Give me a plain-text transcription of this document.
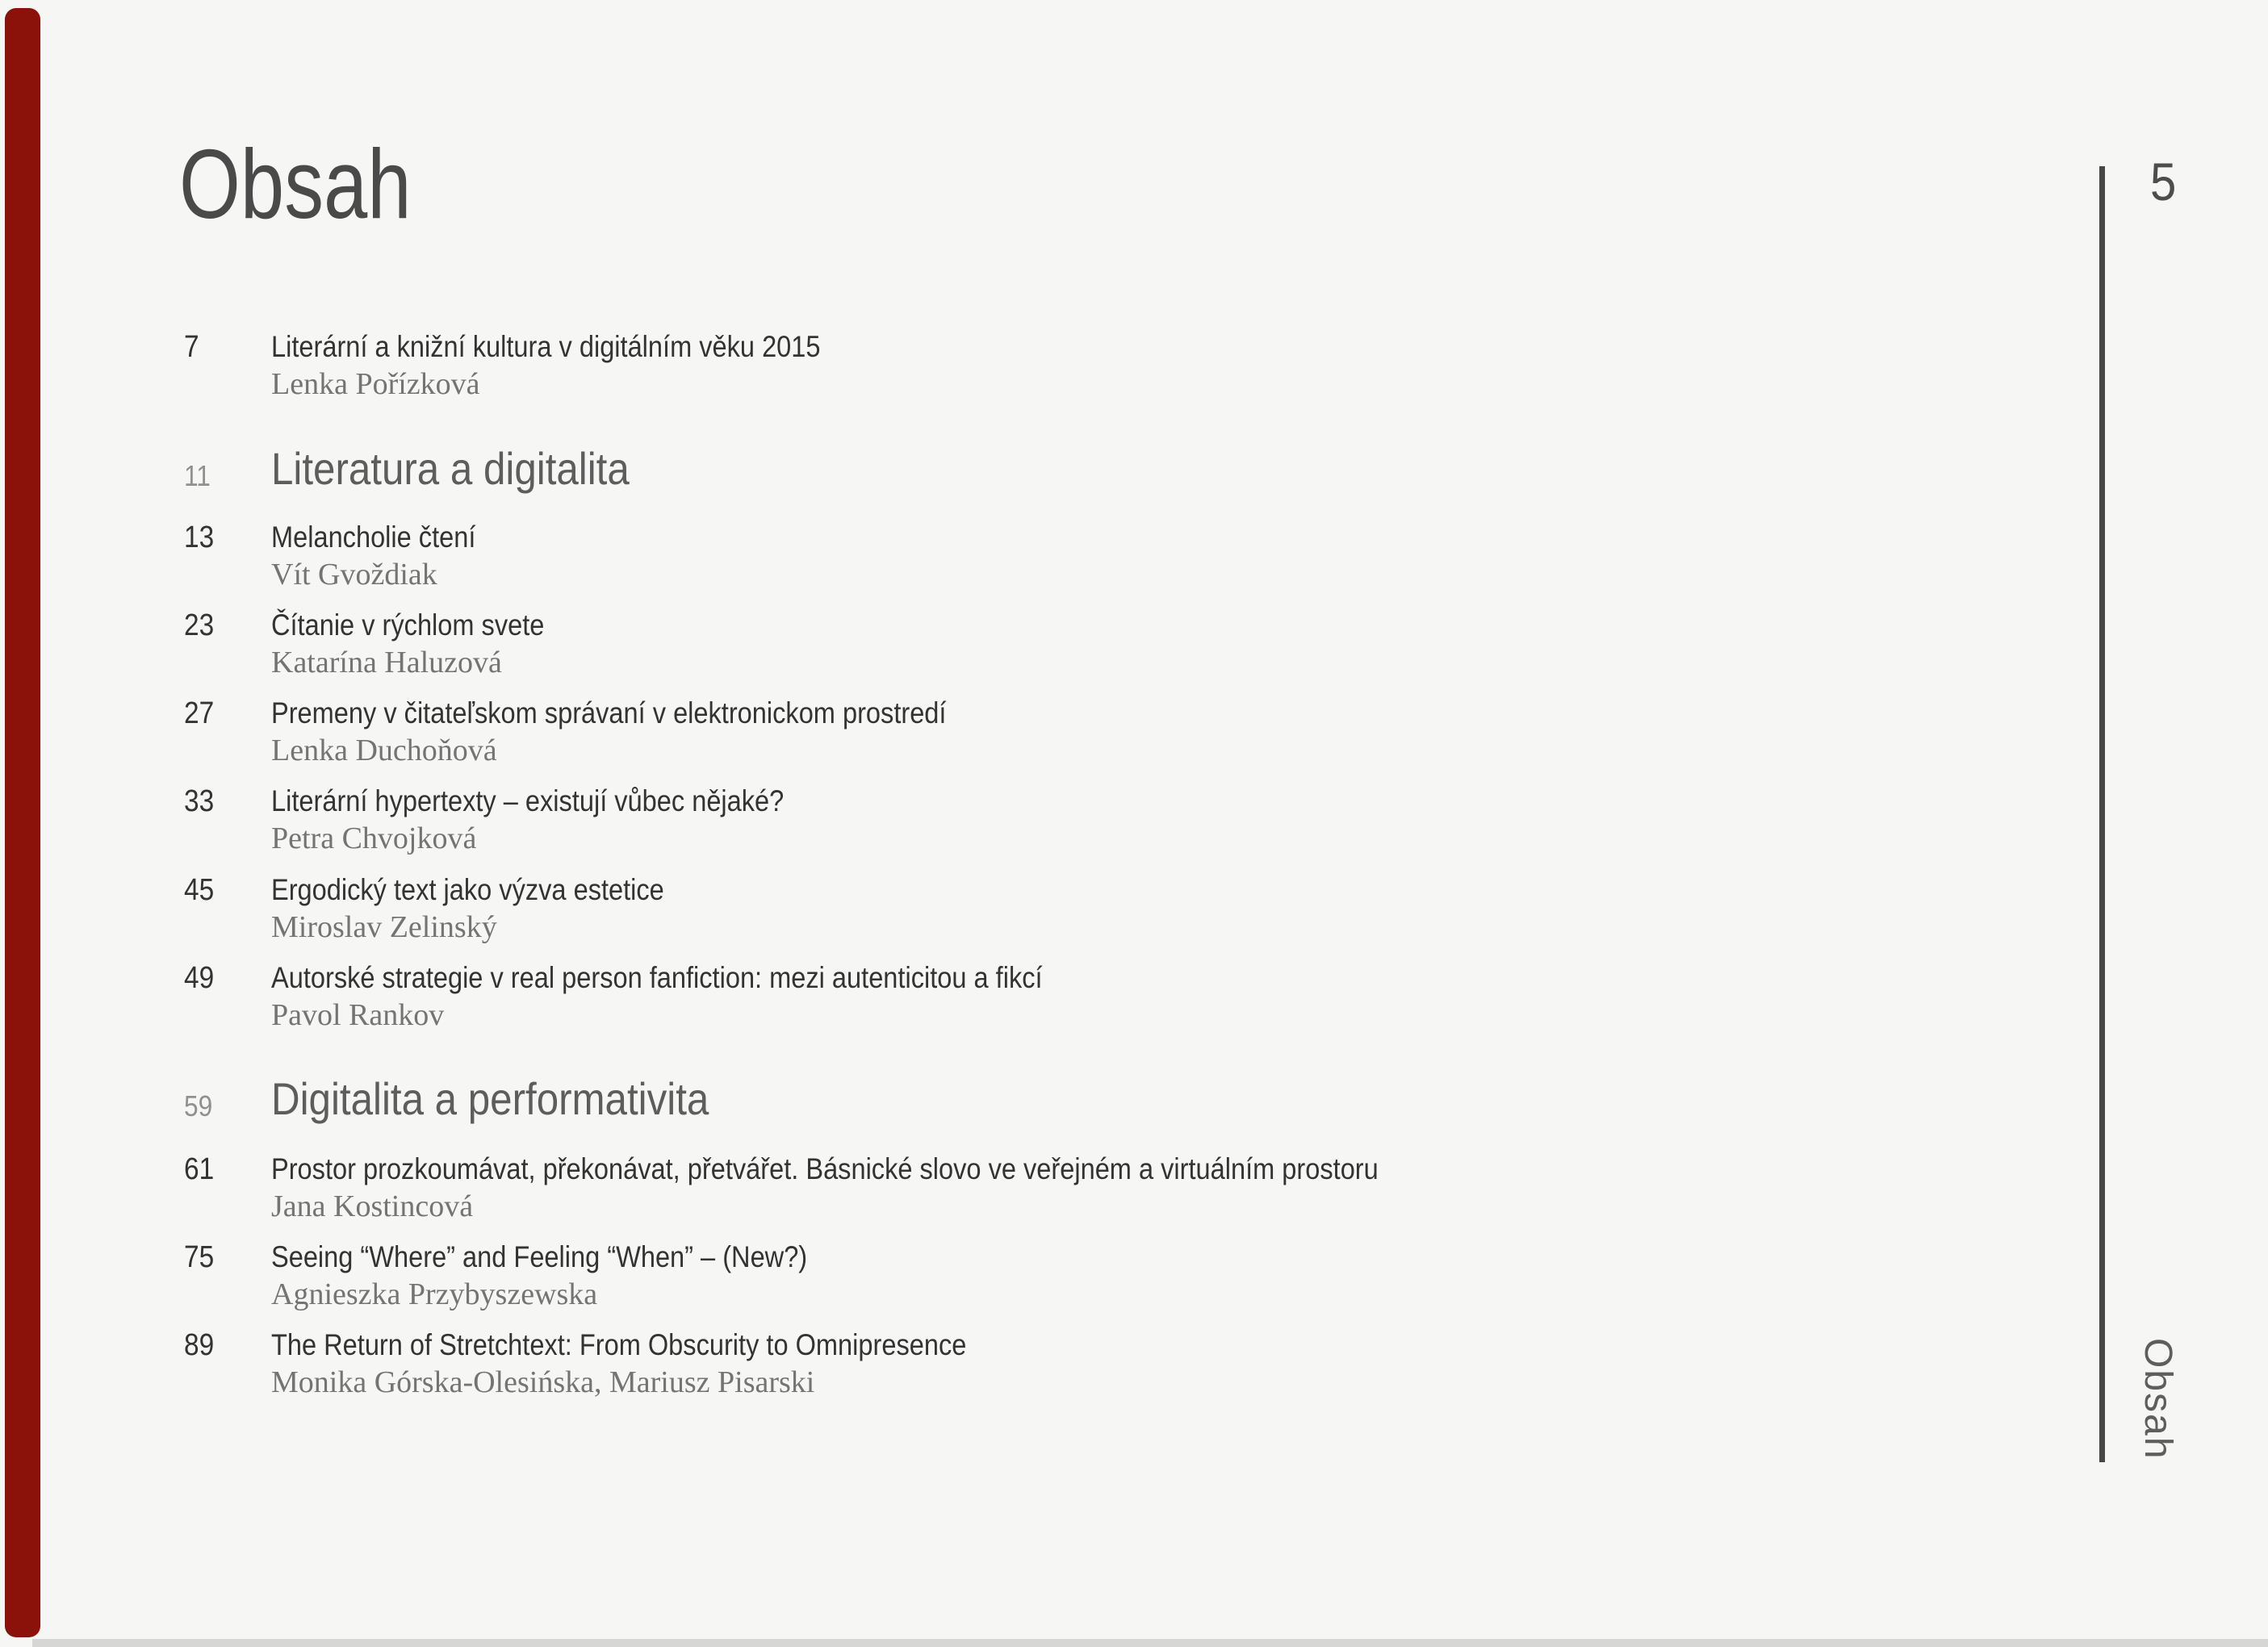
Obsah
7 Literární a knižní kultura v digitálním věku 2015
Lenka Pořízková
11 Literatura a digitalita
13 Melancholie čtení
Vít Gvoždiak
23 Čítanie v rýchlom svete
Katarína Haluzová
27 Premeny v čitateľskom správaní v elektronickom prostredí
Lenka Duchoňová
33 Literární hypertexty – existují vůbec nějaké?
Petra Chvojková
45 Ergodický text jako výzva estetice
Miroslav Zelinský
49 Autorské strategie v real person fanfiction: mezi autenticitou a fikcí
Pavol Rankov
59 Digitalita a performativita
61 Prostor prozkoumávat, překonávat, přetvářet. Básnické slovo ve veřejném a virtuálním prostoru
Jana Kostincová
75 Seeing “Where” and Feeling “When” – (New?)
Agnieszka Przybyszewska
89 The Return of Stretchtext: From Obscurity to Omnipresence
Monika Górska-Olesińska, Mariusz Pisarski
5
Obsah
